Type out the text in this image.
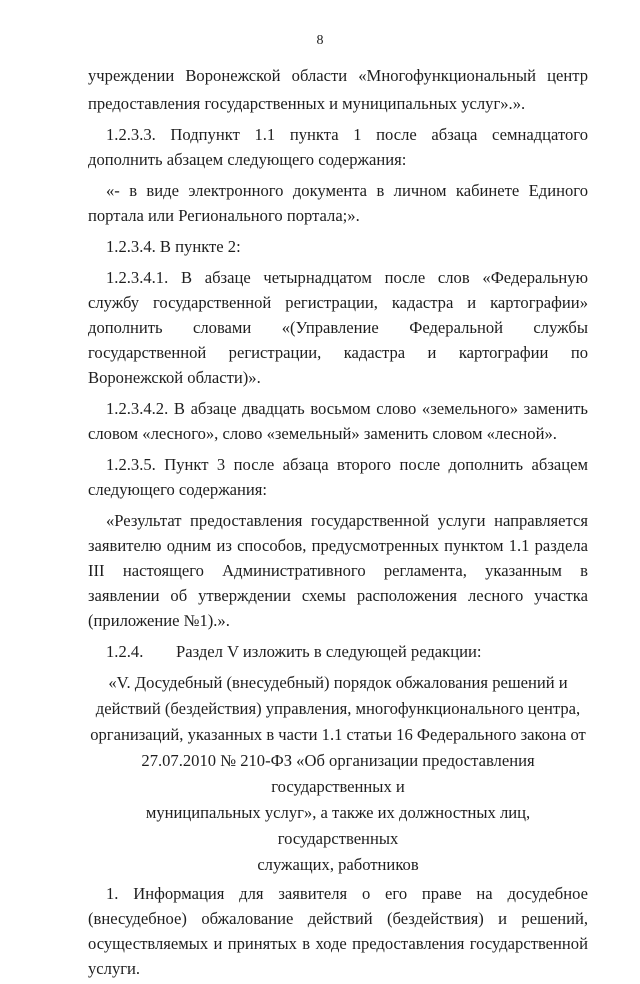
8
учреждении Воронежской области «Многофункциональный центр
предоставления государственных и муниципальных услуг».».
1.2.3.3. Подпункт 1.1 пункта 1 после абзаца семнадцатого дополнить абзацем следующего содержания:
«- в виде электронного документа в личном кабинете Единого портала или Регионального портала;».
1.2.3.4. В пункте 2:
1.2.3.4.1. В абзаце четырнадцатом после слов «Федеральную службу государственной регистрации, кадастра и картографии» дополнить словами «(Управление Федеральной службы государственной регистрации, кадастра и картографии по Воронежской области)».
1.2.3.4.2. В абзаце двадцать восьмом слово «земельного» заменить словом «лесного», слово «земельный» заменить словом «лесной».
1.2.3.5. Пункт 3 после абзаца второго после дополнить абзацем следующего содержания:
«Результат предоставления государственной услуги направляется заявителю одним из способов, предусмотренных пунктом 1.1 раздела III настоящего Административного регламента, указанным в заявлении об утверждении схемы расположения лесного участка (приложение №1).».
1.2.4. Раздел V изложить в следующей редакции:
«V. Досудебный (внесудебный) порядок обжалования решений и
действий (бездействия) управления, многофункционального центра,
организаций, указанных в части 1.1 статьи 16 Федерального закона от
27.07.2010 № 210-ФЗ «Об организации предоставления государственных и
муниципальных услуг», а также их должностных лиц, государственных
служащих, работников
1. Информация для заявителя о его праве на досудебное (внесудебное) обжалование действий (бездействия) и решений, осуществляемых и принятых в ходе предоставления государственной услуги.
